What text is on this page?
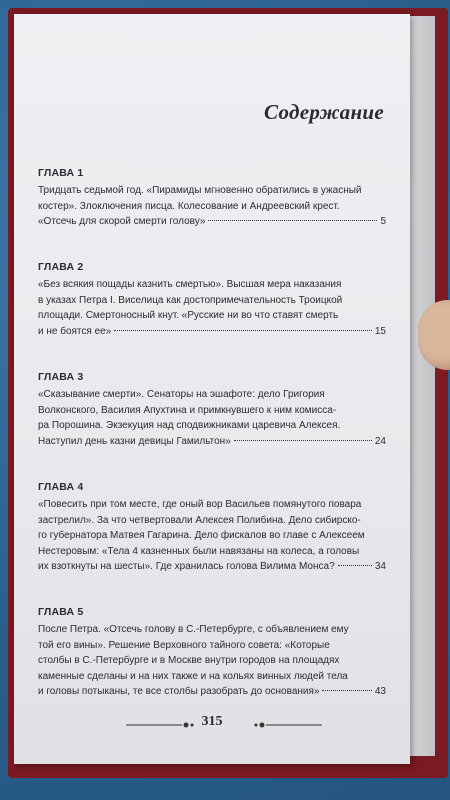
Содержание
ГЛАВА 1
Тридцать седьмой год. «Пирамиды мгновенно обратились в ужасный
костер». Злоключения писца. Колесование и Андреевский крест.
«Отсечь для скорой смерти голову»	5
ГЛАВА 2
«Без всякия пощады казнить смертью». Высшая мера наказания
в указах Петра I. Виселица как достопримечательность Троицкой
площади. Смертоносный кнут. «Русские ни во что ставят смерть
и не боятся ее»	15
ГЛАВА 3
«Сказывание смерти». Сенаторы на эшафоте: дело Григория
Волконского, Василия Апухтина и примкнувшего к ним комисса-
ра Порошина. Экзекуция над сподвижниками царевича Алексея.
Наступил день казни девицы Гамильтон»	24
ГЛАВА 4
«Повесить при том месте, где оный вор Васильев помянутого повара
застрелил». За что четвертовали Алексея Полибина. Дело сибирско-
го губернатора Матвея Гагарина. Дело фискалов во главе с Алексеем
Нестеровым: «Тела 4 казненных были навязаны на колеса, а головы
их взоткнуты на шесты». Где хранилась голова Вилима Монса?	34
ГЛАВА 5
После Петра. «Отсечь голову в С.-Петербурге, с объявлением ему
той его вины». Решение Верховного тайного совета: «Которые
столбы в С.-Петербурге и в Москве внутри городов на площадях
каменные сделаны и на них также и на кольях винных людей тела
и головы потыканы, те все столбы разобрать до основания»	43
315
